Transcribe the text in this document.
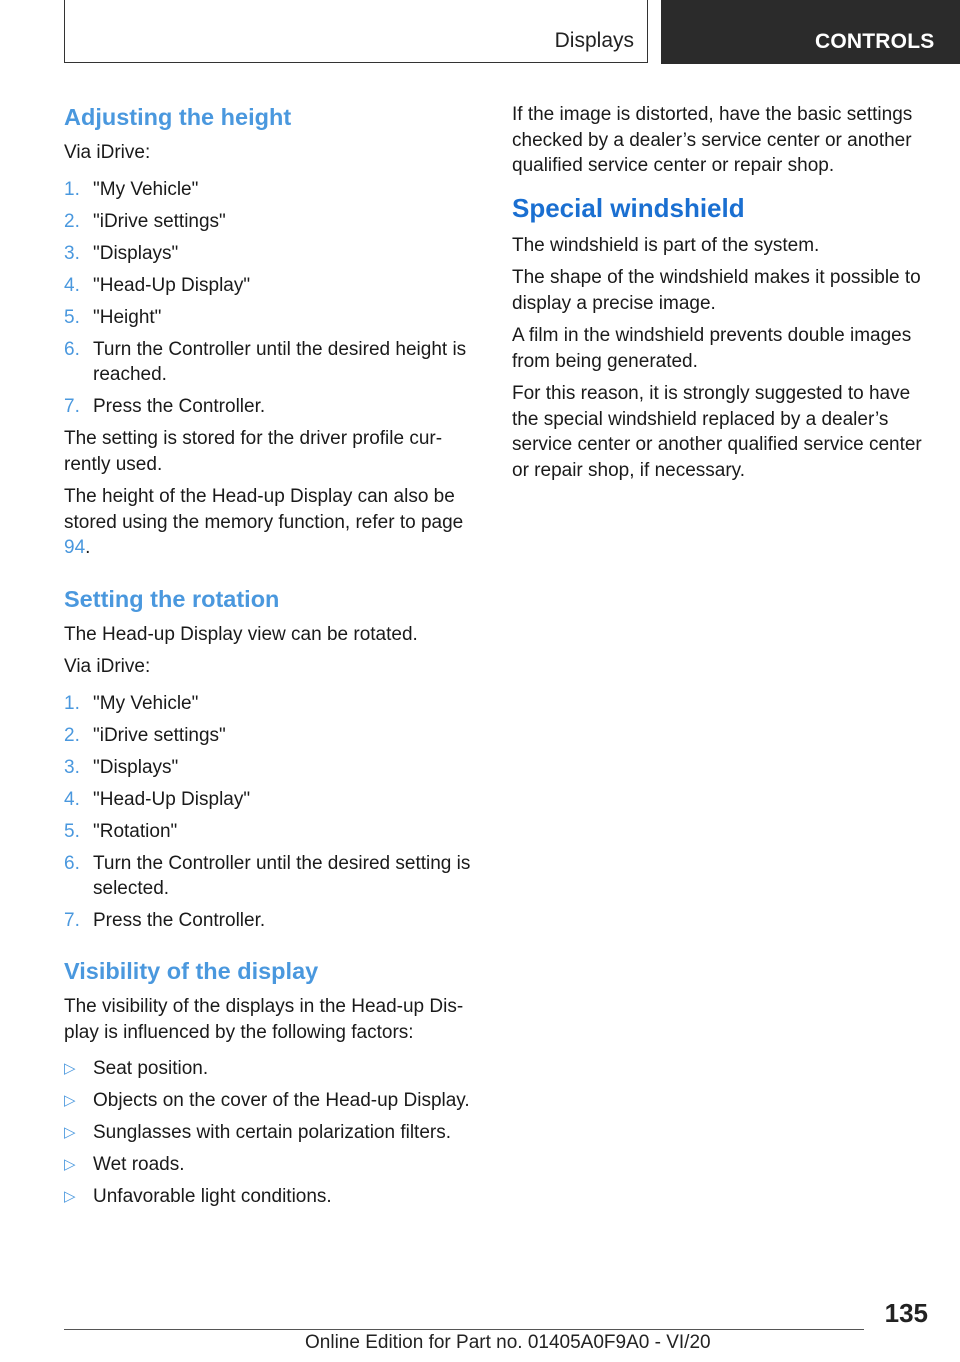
Displays	CONTROLS
Adjusting the height

Via iDrive:

1. "My Vehicle"
2. "iDrive settings"
3. "Displays"
4. "Head-Up Display"
5. "Height"
6. Turn the Controller until the desired height is reached.
7. Press the Controller.

The setting is stored for the driver profile cur‐rently used.

The height of the Head-up Display can also be stored using the memory function, refer to page 94.

Setting the rotation

The Head-up Display view can be rotated.

Via iDrive:

1. "My Vehicle"
2. "iDrive settings"
3. "Displays"
4. "Head-Up Display"
5. "Rotation"
6. Turn the Controller until the desired setting is selected.
7. Press the Controller.
Visibility of the display

The visibility of the displays in the Head-up Dis‐play is influenced by the following factors:

▷ Seat position.
▷ Objects on the cover of the Head-up Display.
▷ Sunglasses with certain polarization filters.
▷ Wet roads.
▷ Unfavorable light conditions.

If the image is distorted, have the basic settings checked by a dealer’s service center or another qualified service center or repair shop.

Special windshield

The windshield is part of the system.

The shape of the windshield makes it possible to display a precise image.

A film in the windshield prevents double images from being generated.

For this reason, it is strongly suggested to have the special windshield replaced by a dealer’s service center or another qualified service center or repair shop, if necessary.

135
Online Edition for Part no. 01405A0F9A0 - VI/20
